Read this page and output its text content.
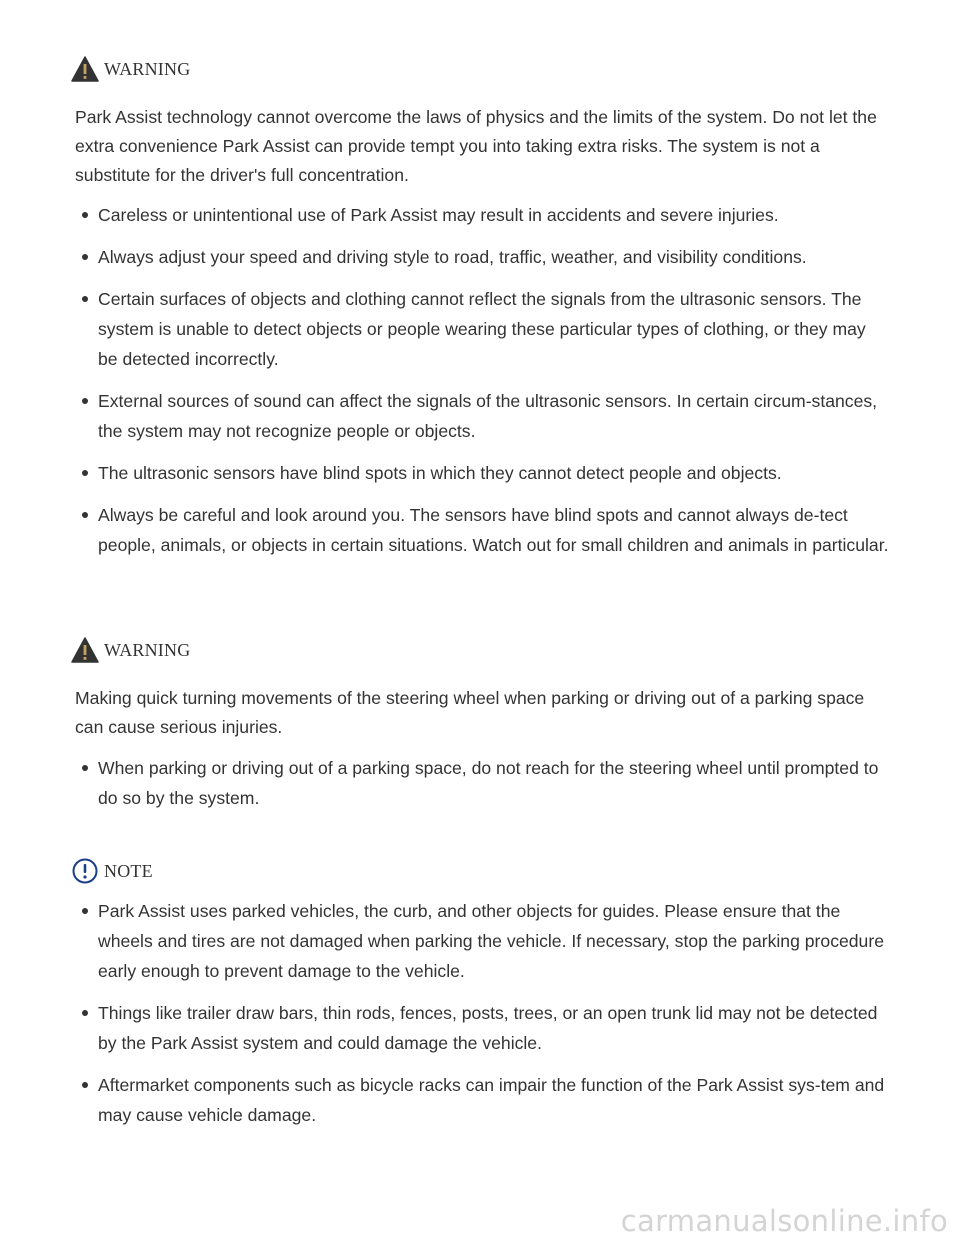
WARNING

Park Assist technology cannot overcome the laws of physics and the limits of the system. Do not let the extra convenience Park Assist can provide tempt you into taking extra risks. The system is not a substitute for the driver's full concentration.

Careless or unintentional use of Park Assist may result in accidents and severe injuries.
Always adjust your speed and driving style to road, traffic, weather, and visibility conditions.
Certain surfaces of objects and clothing cannot reflect the signals from the ultrasonic sensors. The system is unable to detect objects or people wearing these particular types of clothing, or they may be detected incorrectly.
External sources of sound can affect the signals of the ultrasonic sensors. In certain circum-stances, the system may not recognize people or objects.
The ultrasonic sensors have blind spots in which they cannot detect people and objects.
Always be careful and look around you. The sensors have blind spots and cannot always de-tect people, animals, or objects in certain situations. Watch out for small children and animals in particular.
WARNING

Making quick turning movements of the steering wheel when parking or driving out of a parking space can cause serious injuries.

When parking or driving out of a parking space, do not reach for the steering wheel until prompted to do so by the system.
NOTE
Park Assist uses parked vehicles, the curb, and other objects for guides. Please ensure that the wheels and tires are not damaged when parking the vehicle. If necessary, stop the parking procedure early enough to prevent damage to the vehicle.
Things like trailer draw bars, thin rods, fences, posts, trees, or an open trunk lid may not be detected by the Park Assist system and could damage the vehicle.
Aftermarket components such as bicycle racks can impair the function of the Park Assist sys-tem and may cause vehicle damage.
carmanualsonline.info
